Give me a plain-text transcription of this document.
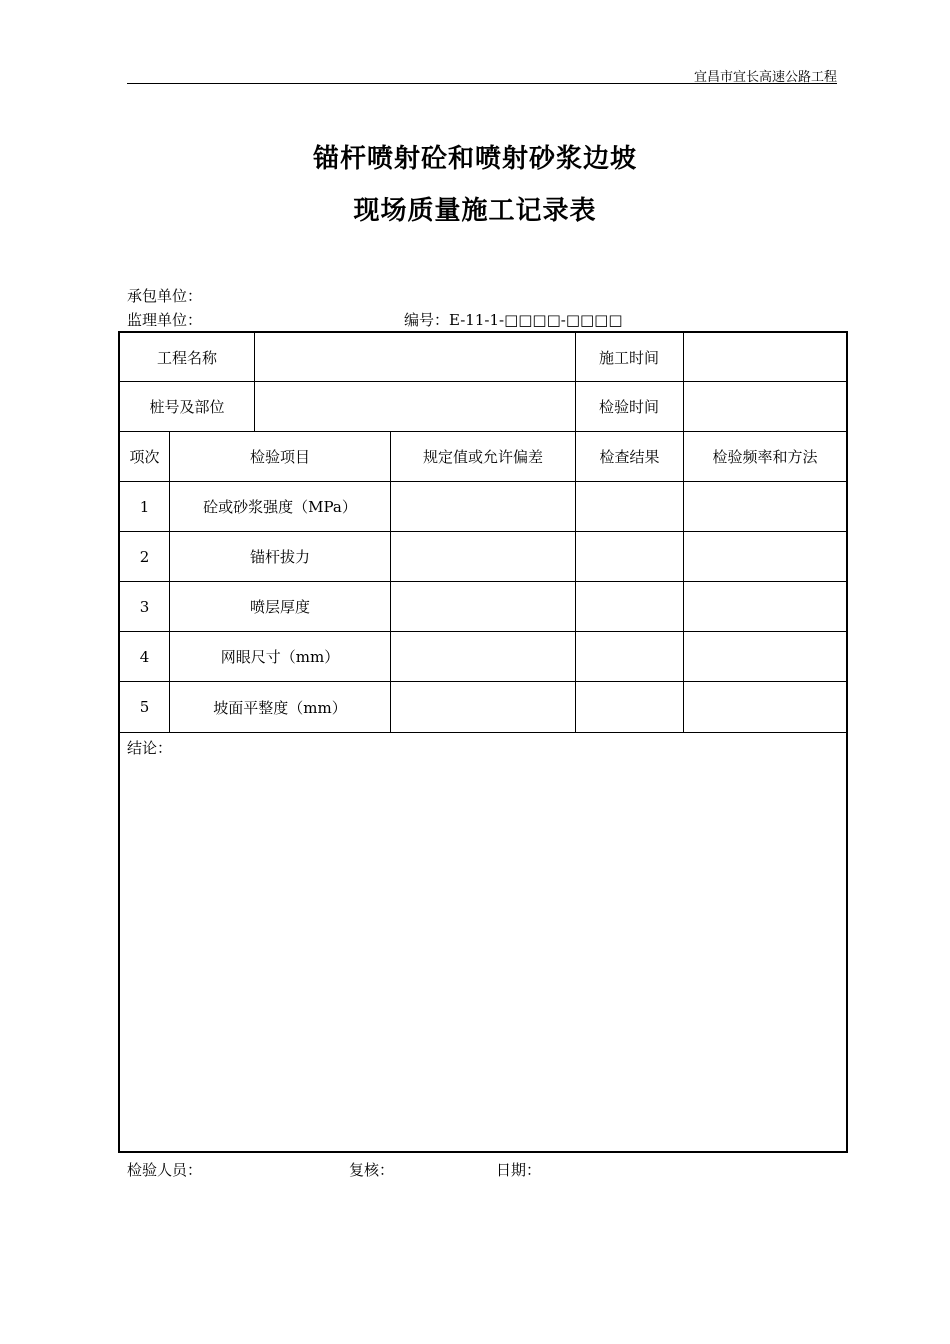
宜昌市宜长高速公路工程
锚杆喷射砼和喷射砂浆边坡
现场质量施工记录表
承包单位：
监理单位：	编号：E-11-1-□□□□-□□□□
工程名称	施工时间
桩号及部位	检验时间
项次	检验项目	规定值或允许偏差	检查结果	检验频率和方法
1	砼或砂浆强度（MPa）
2	锚杆拔力
3	喷层厚度
4	网眼尺寸（mm）
5	坡面平整度（mm）
结论：
检验人员：	复核：	日期：
